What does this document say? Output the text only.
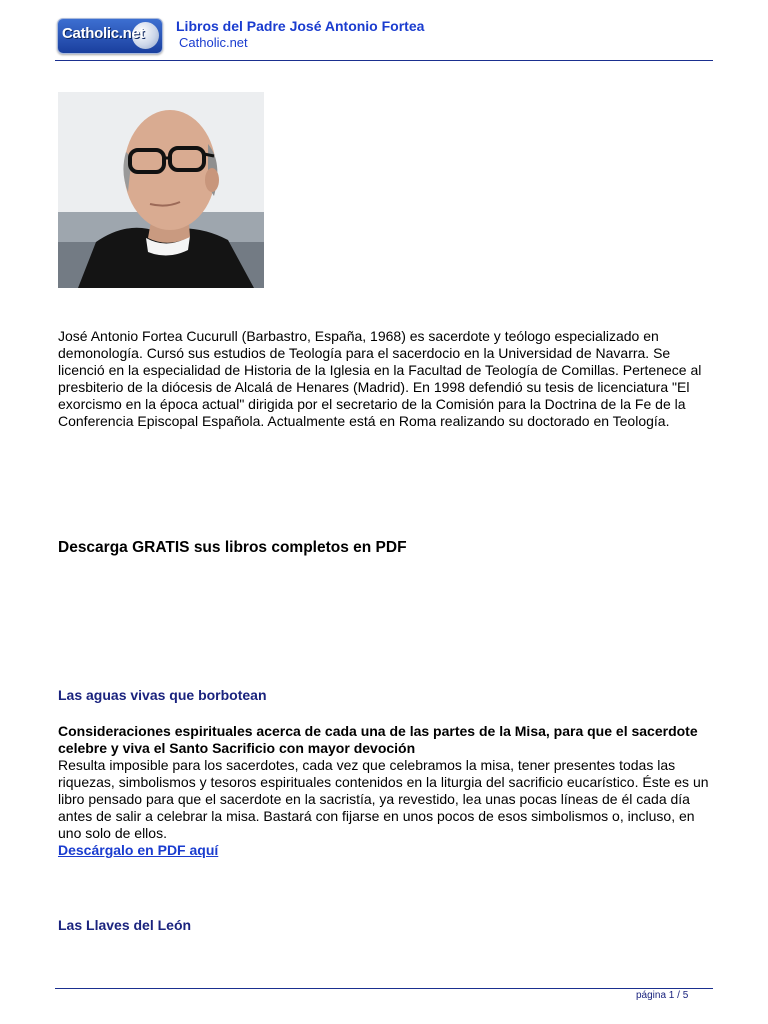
Catholic.net Libros del Padre José Antonio Fortea
Catholic.net

José Antonio Fortea Cucurull (Barbastro, España, 1968) es sacerdote y teólogo especializado en demonología. Cursó sus estudios de Teología para el sacerdocio en la Universidad de Navarra. Se licenció en la especialidad de Historia de la Iglesia en la Facultad de Teología de Comillas. Pertenece al presbiterio de la diócesis de Alcalá de Henares (Madrid). En 1998 defendió su tesis de licenciatura "El exorcismo en la época actual" dirigida por el secretario de la Comisión para la Doctrina de la Fe de la Conferencia Episcopal Española. Actualmente está en Roma realizando su doctorado en Teología.

Descarga GRATIS sus libros completos en PDF
Las aguas vivas que borbotean
Consideraciones espirituales acerca de cada una de las partes de la Misa, para que el sacerdote celebre y viva el Santo Sacrificio con mayor devoción
Resulta imposible para los sacerdotes, cada vez que celebramos la misa, tener presentes todas las riquezas, simbolismos y tesoros espirituales contenidos en la liturgia del sacrificio eucarístico. Éste es un libro pensado para que el sacerdote en la sacristía, ya revestido, lea unas pocas líneas de él cada día antes de salir a celebrar la misa. Bastará con fijarse en unos pocos de esos simbolismos o, incluso, en uno solo de ellos.
Descárgalo en PDF aquí
Las Llaves del León
página 1 / 5
